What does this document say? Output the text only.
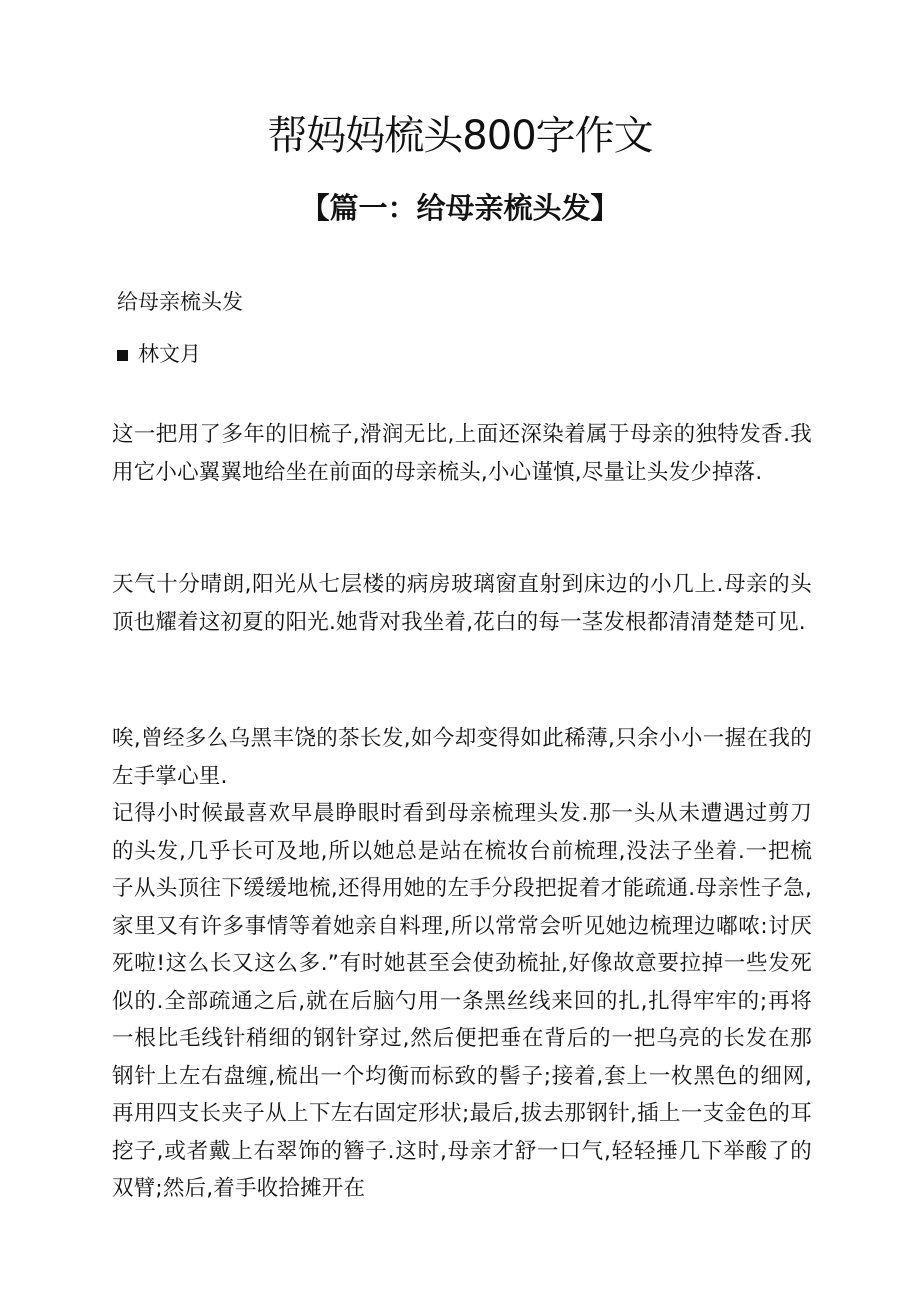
帮妈妈梳头800字作文
【篇一：给母亲梳头发】

给母亲梳头发

林文月

这一把用了多年的旧梳子,滑润无比,上面还深染着属于母亲的独特发香.我用它小心翼翼地给坐在前面的母亲梳头,小心谨慎,尽量让头发少掉落.

天气十分晴朗,阳光从七层楼的病房玻璃窗直射到床边的小几上.母亲的头顶也耀着这初夏的阳光.她背对我坐着,花白的每一茎发根都清清楚楚可见.

唉,曾经多么乌黑丰饶的茶长发,如今却变得如此稀薄,只余小小一握在我的左手掌心里.
记得小时候最喜欢早晨睁眼时看到母亲梳理头发.那一头从未遭遇过剪刀的头发,几乎长可及地,所以她总是站在梳妆台前梳理,没法子坐着.一把梳子从头顶往下缓缓地梳,还得用她的左手分段把捉着才能疏通.母亲性子急,家里又有许多事情等着她亲自料理,所以常常会听见她边梳理边嘟哝:讨厌死啦!这么长又这么多.”有时她甚至会使劲梳扯,好像故意要拉掉一些发死似的.全部疏通之后,就在后脑勺用一条黑丝线来回的扎,扎得牢牢的;再将一根比毛线针稍细的钢针穿过,然后便把垂在背后的一把乌亮的长发在那钢针上左右盘缠,梳出一个均衡而标致的髻子;接着,套上一枚黑色的细网,再用四支长夹子从上下左右固定形状;最后,拔去那钢针,插上一支金色的耳挖子,或者戴上右翠饰的簪子.这时,母亲才舒一口气,轻轻捶几下举酸了的双臂;然后,着手收拾摊开在
